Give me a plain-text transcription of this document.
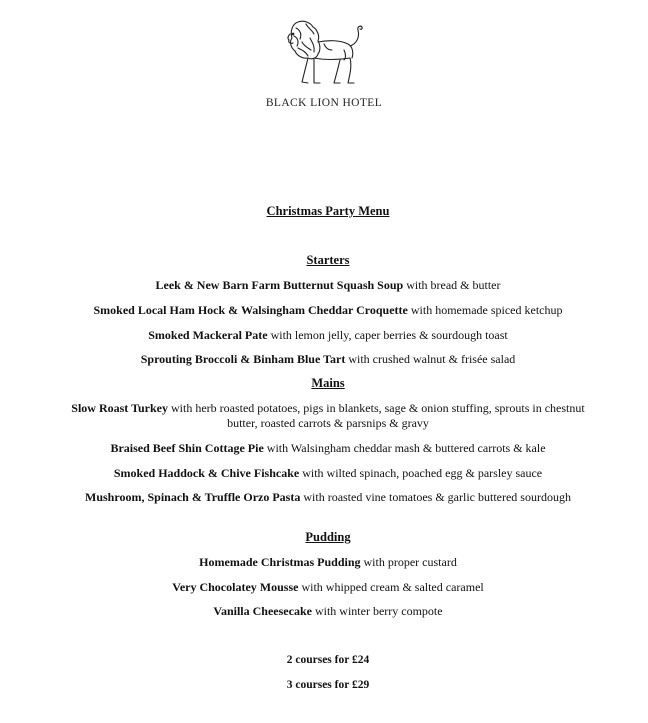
BLACK LION HOTEL
Christmas Party Menu
Starters
Leek & New Barn Farm Butternut Squash Soup with bread & butter
Smoked Local Ham Hock & Walsingham Cheddar Croquette with homemade spiced ketchup
Smoked Mackeral Pate with lemon jelly, caper berries & sourdough toast
Sprouting Broccoli & Binham Blue Tart with crushed walnut & frisée salad
Mains
Slow Roast Turkey with herb roasted potatoes, pigs in blankets, sage & onion stuffing, sprouts in chestnut butter, roasted carrots & parsnips & gravy
Braised Beef Shin Cottage Pie with Walsingham cheddar mash & buttered carrots & kale
Smoked Haddock & Chive Fishcake with wilted spinach, poached egg & parsley sauce
Mushroom, Spinach & Truffle Orzo Pasta with roasted vine tomatoes & garlic buttered sourdough
Pudding
Homemade Christmas Pudding with proper custard
Very Chocolatey Mousse with whipped cream & salted caramel
Vanilla Cheesecake with winter berry compote
2 courses for £24
3 courses for £29
